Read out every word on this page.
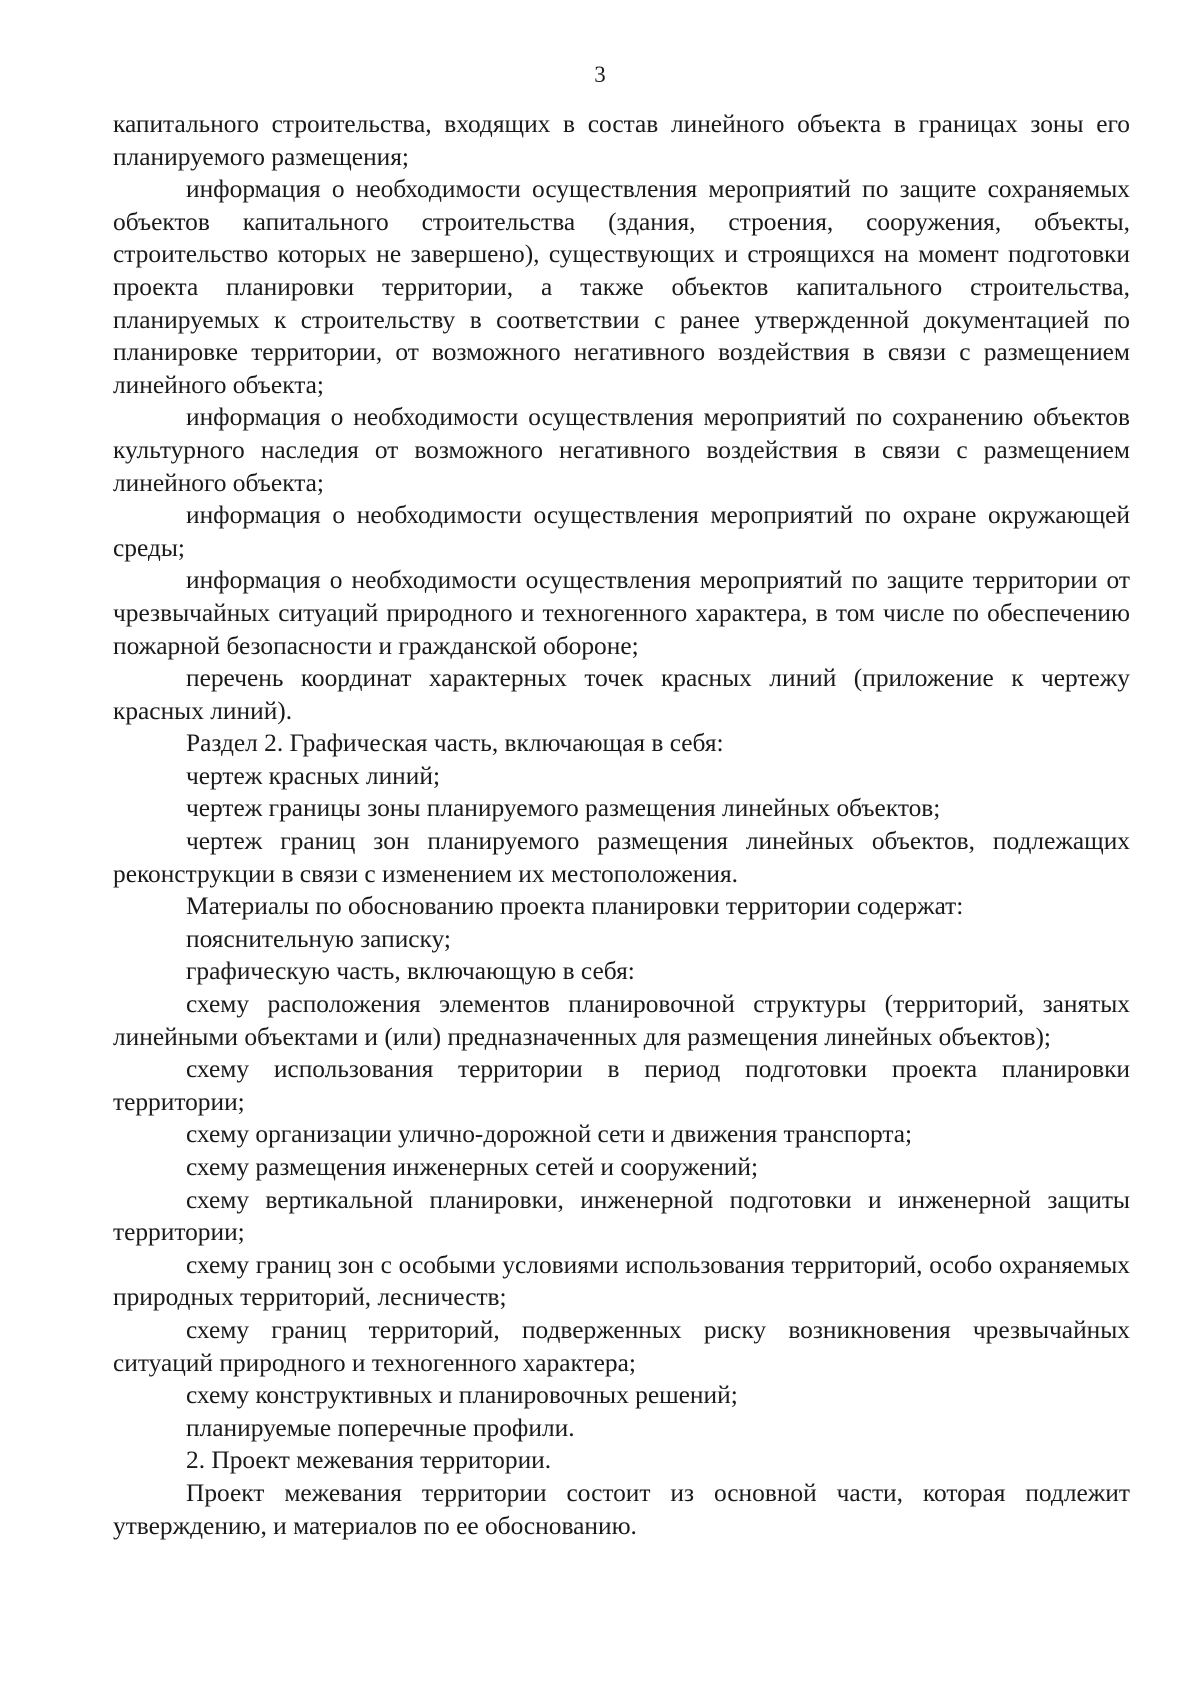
3

капитального строительства, входящих в состав линейного объекта в границах зоны его планируемого размещения;

информация о необходимости осуществления мероприятий по защите сохраняемых объектов капитального строительства (здания, строения, сооружения, объекты, строительство которых не завершено), существующих и строящихся на момент подготовки проекта планировки территории, а также объектов капитального строительства, планируемых к строительству в соответствии с ранее утвержденной документацией по планировке территории, от возможного негативного воздействия в связи с размещением линейного объекта;

информация о необходимости осуществления мероприятий по сохранению объектов культурного наследия от возможного негативного воздействия в связи с размещением линейного объекта;

информация о необходимости осуществления мероприятий по охране окружающей среды;

информация о необходимости осуществления мероприятий по защите территории от чрезвычайных ситуаций природного и техногенного характера, в том числе по обеспечению пожарной безопасности и гражданской обороне;

перечень координат характерных точек красных линий (приложение к чертежу красных линий).

Раздел 2. Графическая часть, включающая в себя:

чертеж красных линий;

чертеж границы зоны планируемого размещения линейных объектов;

чертеж границ зон планируемого размещения линейных объектов, подлежащих реконструкции в связи с изменением их местоположения.

Материалы по обоснованию проекта планировки территории содержат:

пояснительную записку;

графическую часть, включающую в себя:

схему расположения элементов планировочной структуры (территорий, занятых линейными объектами и (или) предназначенных для размещения линейных объектов);

схему использования территории в период подготовки проекта планировки территории;

схему организации улично-дорожной сети и движения транспорта;

схему размещения инженерных сетей и сооружений;

схему вертикальной планировки, инженерной подготовки и инженерной защиты территории;

схему границ зон с особыми условиями использования территорий, особо охраняемых природных территорий, лесничеств;

схему границ территорий, подверженных риску возникновения чрезвычайных ситуаций природного и техногенного характера;

схему конструктивных и планировочных решений;

планируемые поперечные профили.

2. Проект межевания территории.

Проект межевания территории состоит из основной части, которая подлежит утверждению, и материалов по ее обоснованию.
